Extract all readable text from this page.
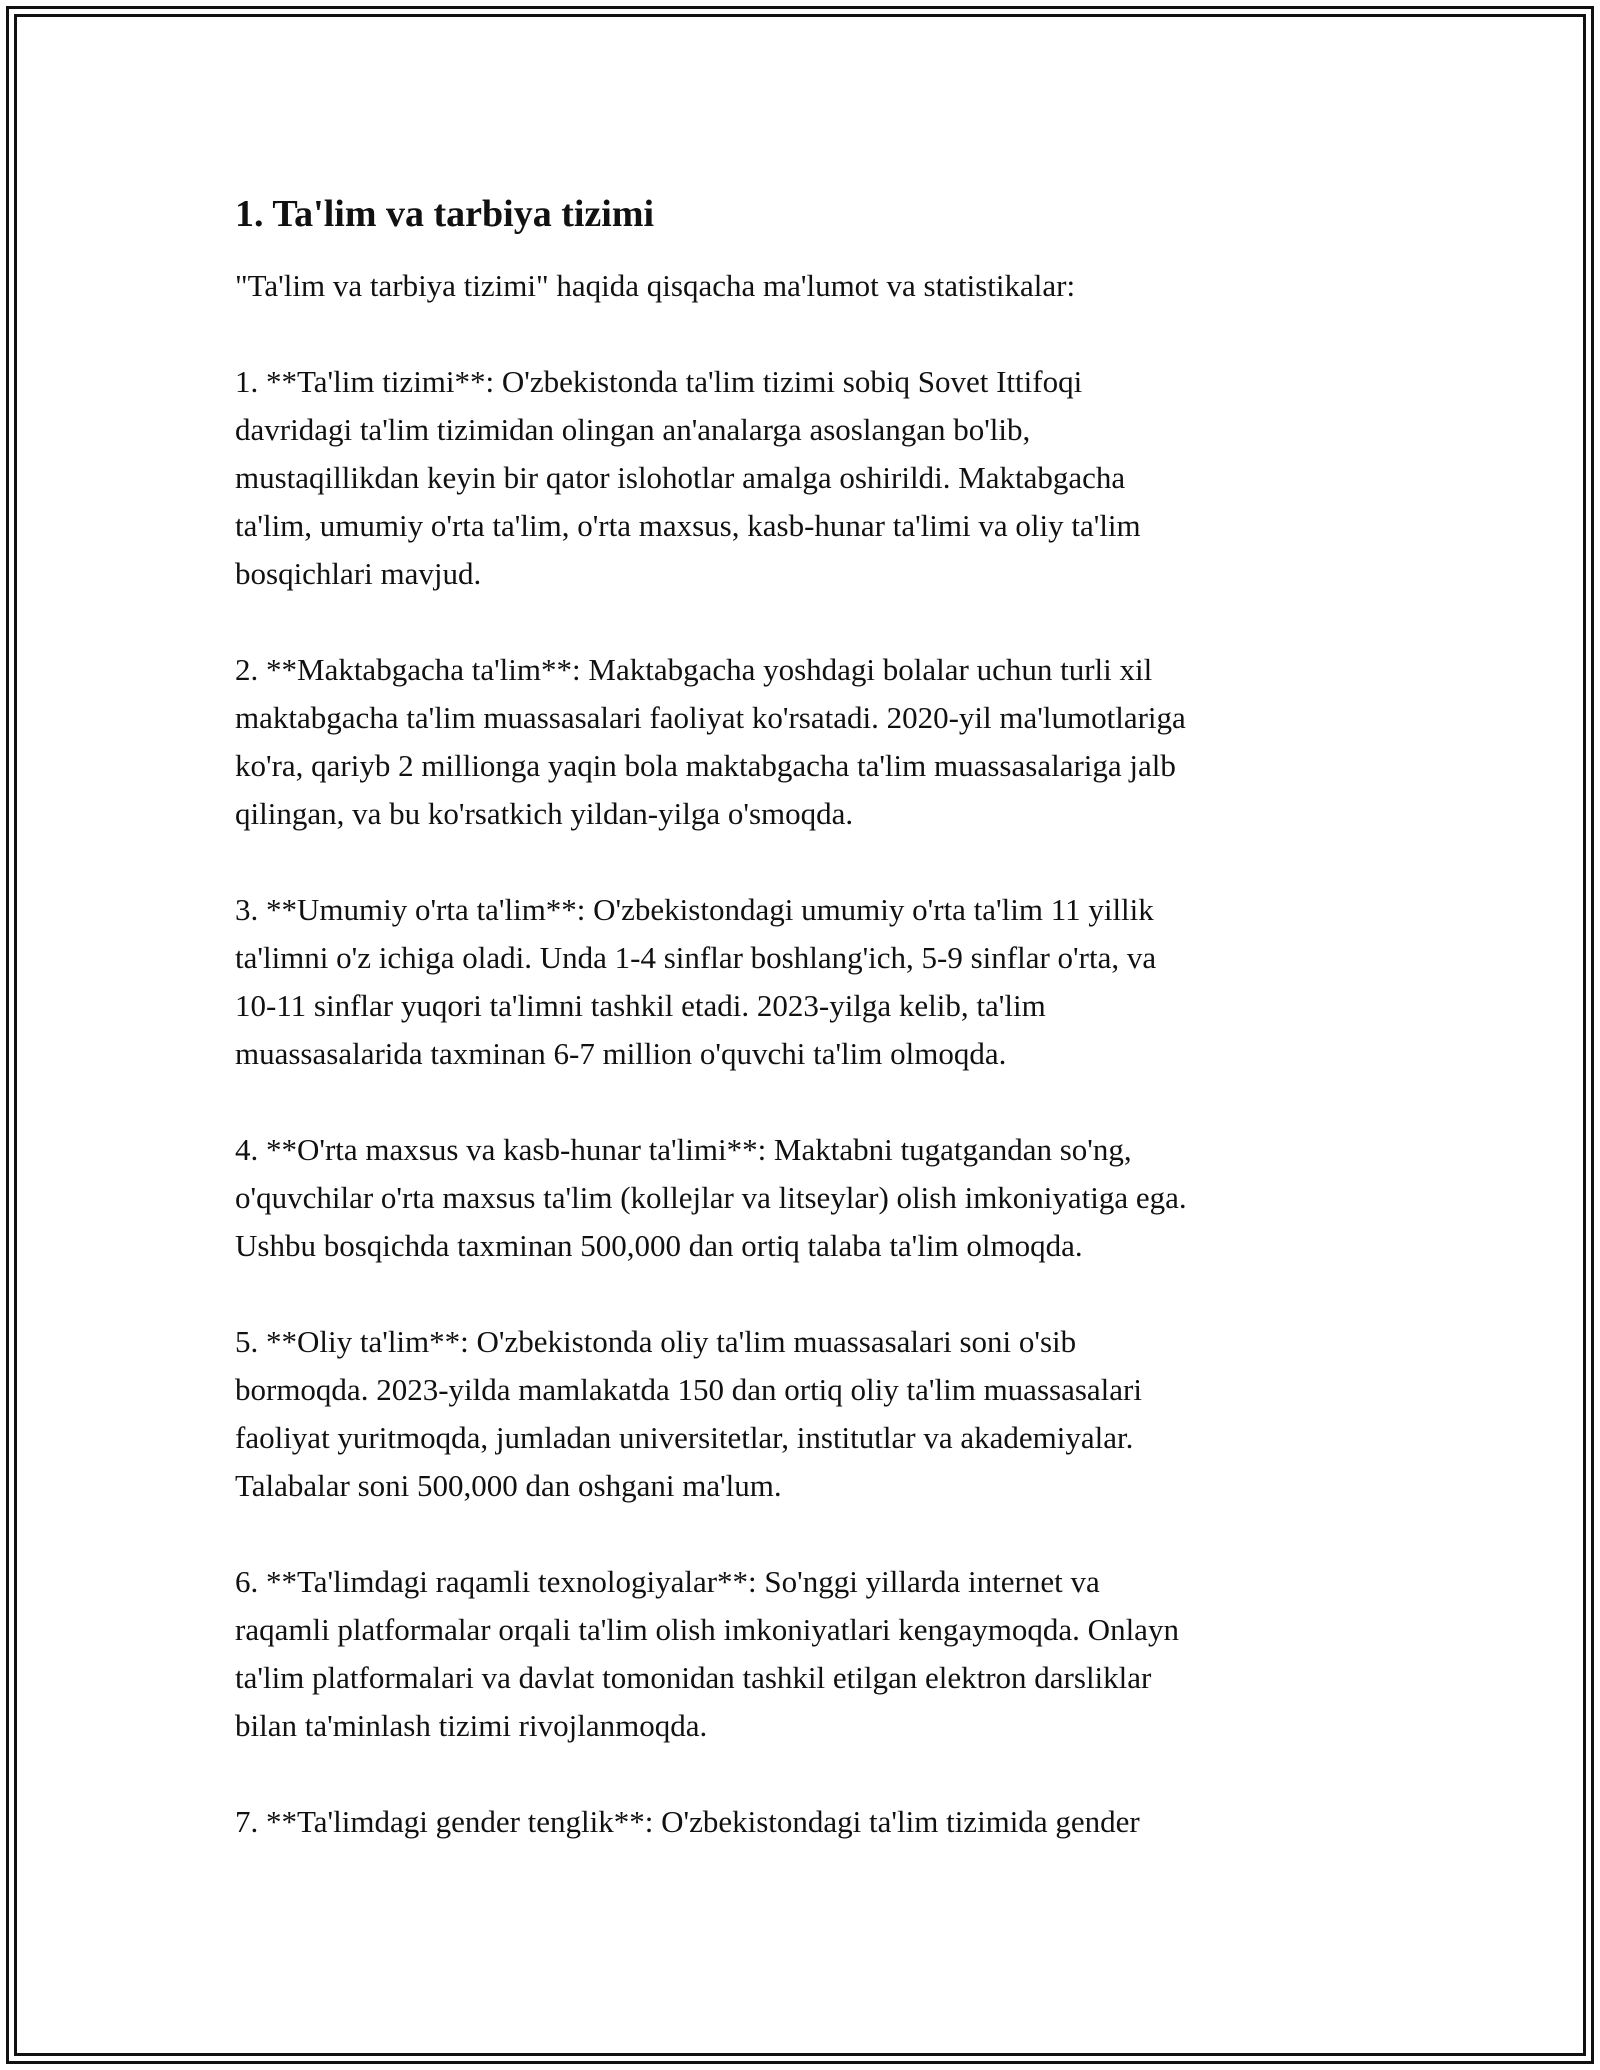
1. Ta'lim va tarbiya tizimi

"Ta'lim va tarbiya tizimi" haqida qisqacha ma'lumot va statistikalar:

1. **Ta'lim tizimi**: O'zbekistonda ta'lim tizimi sobiq Sovet Ittifoqi
davridagi ta'lim tizimidan olingan an'analarga asoslangan bo'lib,
mustaqillikdan keyin bir qator islohotlar amalga oshirildi. Maktabgacha
ta'lim, umumiy o'rta ta'lim, o'rta maxsus, kasb-hunar ta'limi va oliy ta'lim
bosqichlari mavjud.

2. **Maktabgacha ta'lim**: Maktabgacha yoshdagi bolalar uchun turli xil
maktabgacha ta'lim muassasalari faoliyat ko'rsatadi. 2020-yil ma'lumotlariga
ko'ra, qariyb 2 millionga yaqin bola maktabgacha ta'lim muassasalariga jalb
qilingan, va bu ko'rsatkich yildan-yilga o'smoqda.

3. **Umumiy o'rta ta'lim**: O'zbekistondagi umumiy o'rta ta'lim 11 yillik
ta'limni o'z ichiga oladi. Unda 1-4 sinflar boshlang'ich, 5-9 sinflar o'rta, va
10-11 sinflar yuqori ta'limni tashkil etadi. 2023-yilga kelib, ta'lim
muassasalarida taxminan 6-7 million o'quvchi ta'lim olmoqda.

4. **O'rta maxsus va kasb-hunar ta'limi**: Maktabni tugatgandan so'ng,
o'quvchilar o'rta maxsus ta'lim (kollejlar va litseylar) olish imkoniyatiga ega.
Ushbu bosqichda taxminan 500,000 dan ortiq talaba ta'lim olmoqda.

5. **Oliy ta'lim**: O'zbekistonda oliy ta'lim muassasalari soni o'sib
bormoqda. 2023-yilda mamlakatda 150 dan ortiq oliy ta'lim muassasalari
faoliyat yuritmoqda, jumladan universitetlar, institutlar va akademiyalar.
Talabalar soni 500,000 dan oshgani ma'lum.

6. **Ta'limdagi raqamli texnologiyalar**: So'nggi yillarda internet va
raqamli platformalar orqali ta'lim olish imkoniyatlari kengaymoqda. Onlayn
ta'lim platformalari va davlat tomonidan tashkil etilgan elektron darsliklar
bilan ta'minlash tizimi rivojlanmoqda.

7. **Ta'limdagi gender tenglik**: O'zbekistondagi ta'lim tizimida gender
